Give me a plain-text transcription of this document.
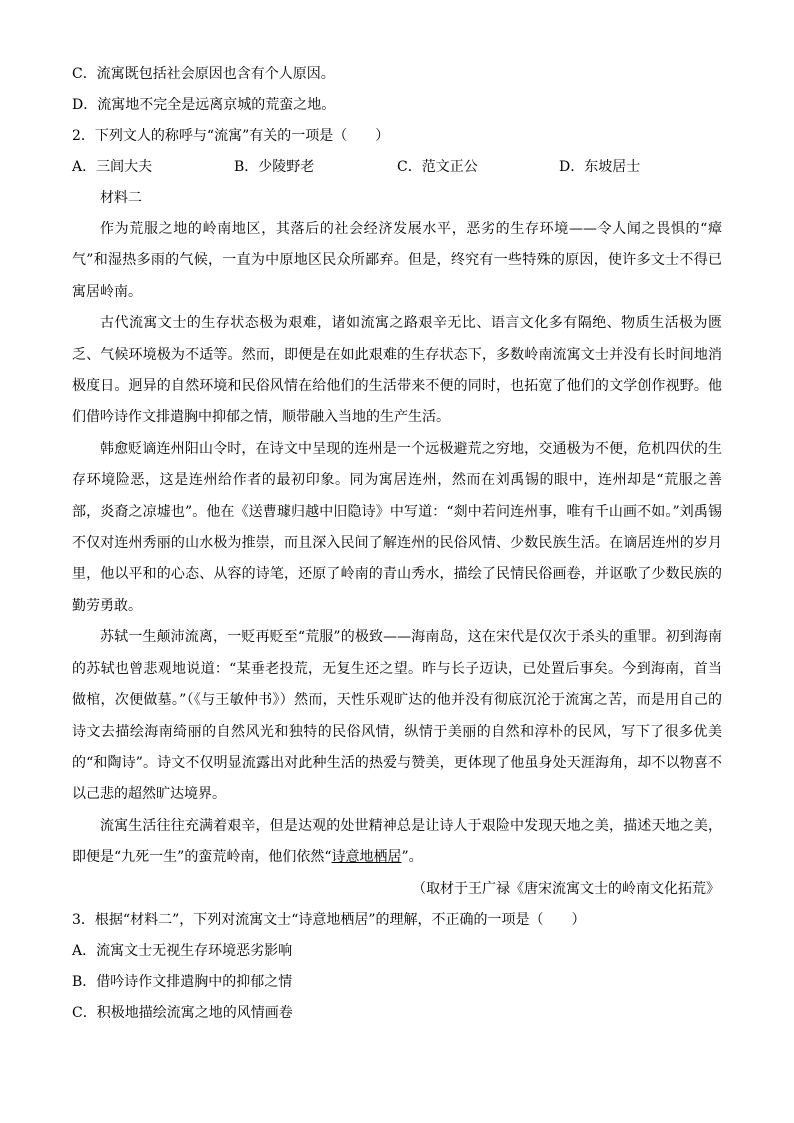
C．流寓既包括社会原因也含有个人原因。

D．流寓地不完全是远离京城的荒蛮之地。

2．下列文人的称呼与“流寓”有关的一项是（　　）

A．三闾大夫	B．少陵野老	C．范文正公	D．东坡居士

材料二

作为荒服之地的岭南地区，其落后的社会经济发展水平，恶劣的生存环境——令人闻之畏惧的“瘴气”和湿热多雨的气候，一直为中原地区民众所鄙弃。但是，终究有一些特殊的原因，使许多文士不得已寓居岭南。

古代流寓文士的生存状态极为艰难，诸如流寓之路艰辛无比、语言文化多有隔绝、物质生活极为匮乏、气候环境极为不适等。然而，即便是在如此艰难的生存状态下，多数岭南流寓文士并没有长时间地消极度日。迥异的自然环境和民俗风情在给他们的生活带来不便的同时，也拓宽了他们的文学创作视野。他们借吟诗作文排遣胸中抑郁之情，顺带融入当地的生产生活。

韩愈贬谪连州阳山令时，在诗文中呈现的连州是一个远极避荒之穷地，交通极为不便，危机四伏的生存环境险恶，这是连州给作者的最初印象。同为寓居连州，然而在刘禹锡的眼中，连州却是“荒服之善部，炎裔之凉墟也”。他在《送曹璩归越中旧隐诗》中写道：“剡中若问连州事，唯有千山画不如。”刘禹锡不仅对连州秀丽的山水极为推崇，而且深入民间了解连州的民俗风情、少数民族生活。在谪居连州的岁月里，他以平和的心态、从容的诗笔，还原了岭南的青山秀水，描绘了民情民俗画卷，并讴歌了少数民族的勤劳勇敢。

苏轼一生颠沛流离，一贬再贬至“荒服”的极致——海南岛，这在宋代是仅次于杀头的重罪。初到海南的苏轼也曾悲观地说道：“某垂老投荒，无复生还之望。昨与长子迈诀，已处置后事矣。今到海南，首当做棺，次便做墓。”（《与王敏仲书》）然而，天性乐观旷达的他并没有彻底沉沦于流寓之苦，而是用自己的诗文去描绘海南绮丽的自然风光和独特的民俗风情，纵情于美丽的自然和淳朴的民风，写下了很多优美的“和陶诗”。诗文不仅明显流露出对此种生活的热爱与赞美，更体现了他虽身处天涯海角，却不以物喜不以己悲的超然旷达境界。

流寓生活往往充满着艰辛，但是达观的处世精神总是让诗人于艰险中发现天地之美，描述天地之美，即便是“九死一生”的蛮荒岭南，他们依然“诗意地栖居”。

（取材于王广禄《唐宋流寓文士的岭南文化拓荒》

3．根据“材料二”，下列对流寓文士“诗意地栖居”的理解，不正确的一项是（　　）

A．流寓文士无视生存环境恶劣影响

B．借吟诗作文排遣胸中的抑郁之情

C．积极地描绘流寓之地的风情画卷
